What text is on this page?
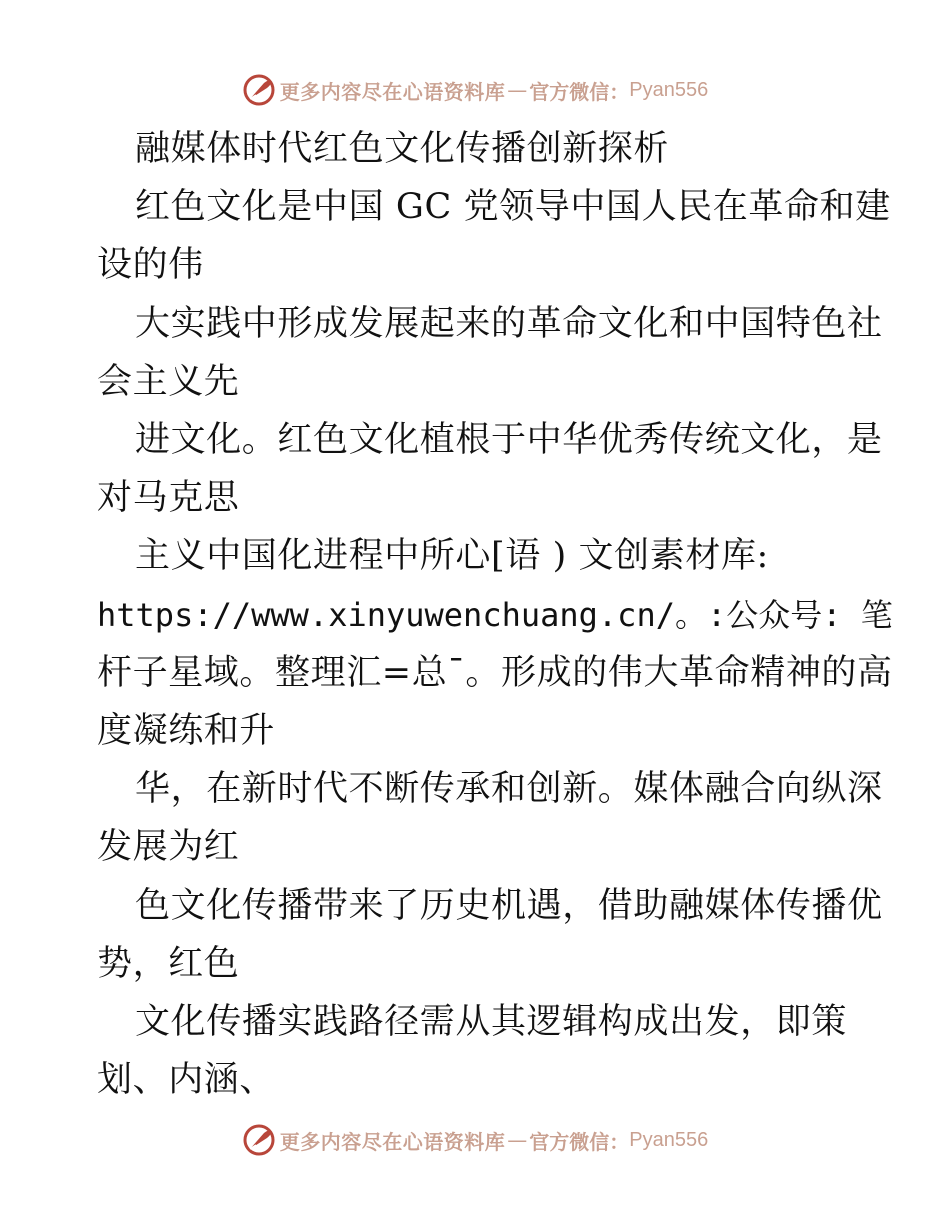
更多内容尽在心语资料库 — 官方微信： Pyan556
融媒体时代红色文化传播创新探析
红色文化是中国 GC 党领导中国人民在革命和建
设的伟
大实践中形成发展起来的革命文化和中国特色社
会主义先
进文化。红色文化植根于中华优秀传统文化，是
对马克思
主义中国化进程中所心[语 ) 文创素材库:
https://www.xinyuwenchuang.cn/。:公众号: 笔
杆子星域。整理汇=总¯。形成的伟大革命精神的高
度凝练和升
华，在新时代不断传承和创新。媒体融合向纵深
发展为红
色文化传播带来了历史机遇，借助融媒体传播优
势，红色
文化传播实践路径需从其逻辑构成出发，即策
划、内涵、
更多内容尽在心语资料库 — 官方微信： Pyan556
